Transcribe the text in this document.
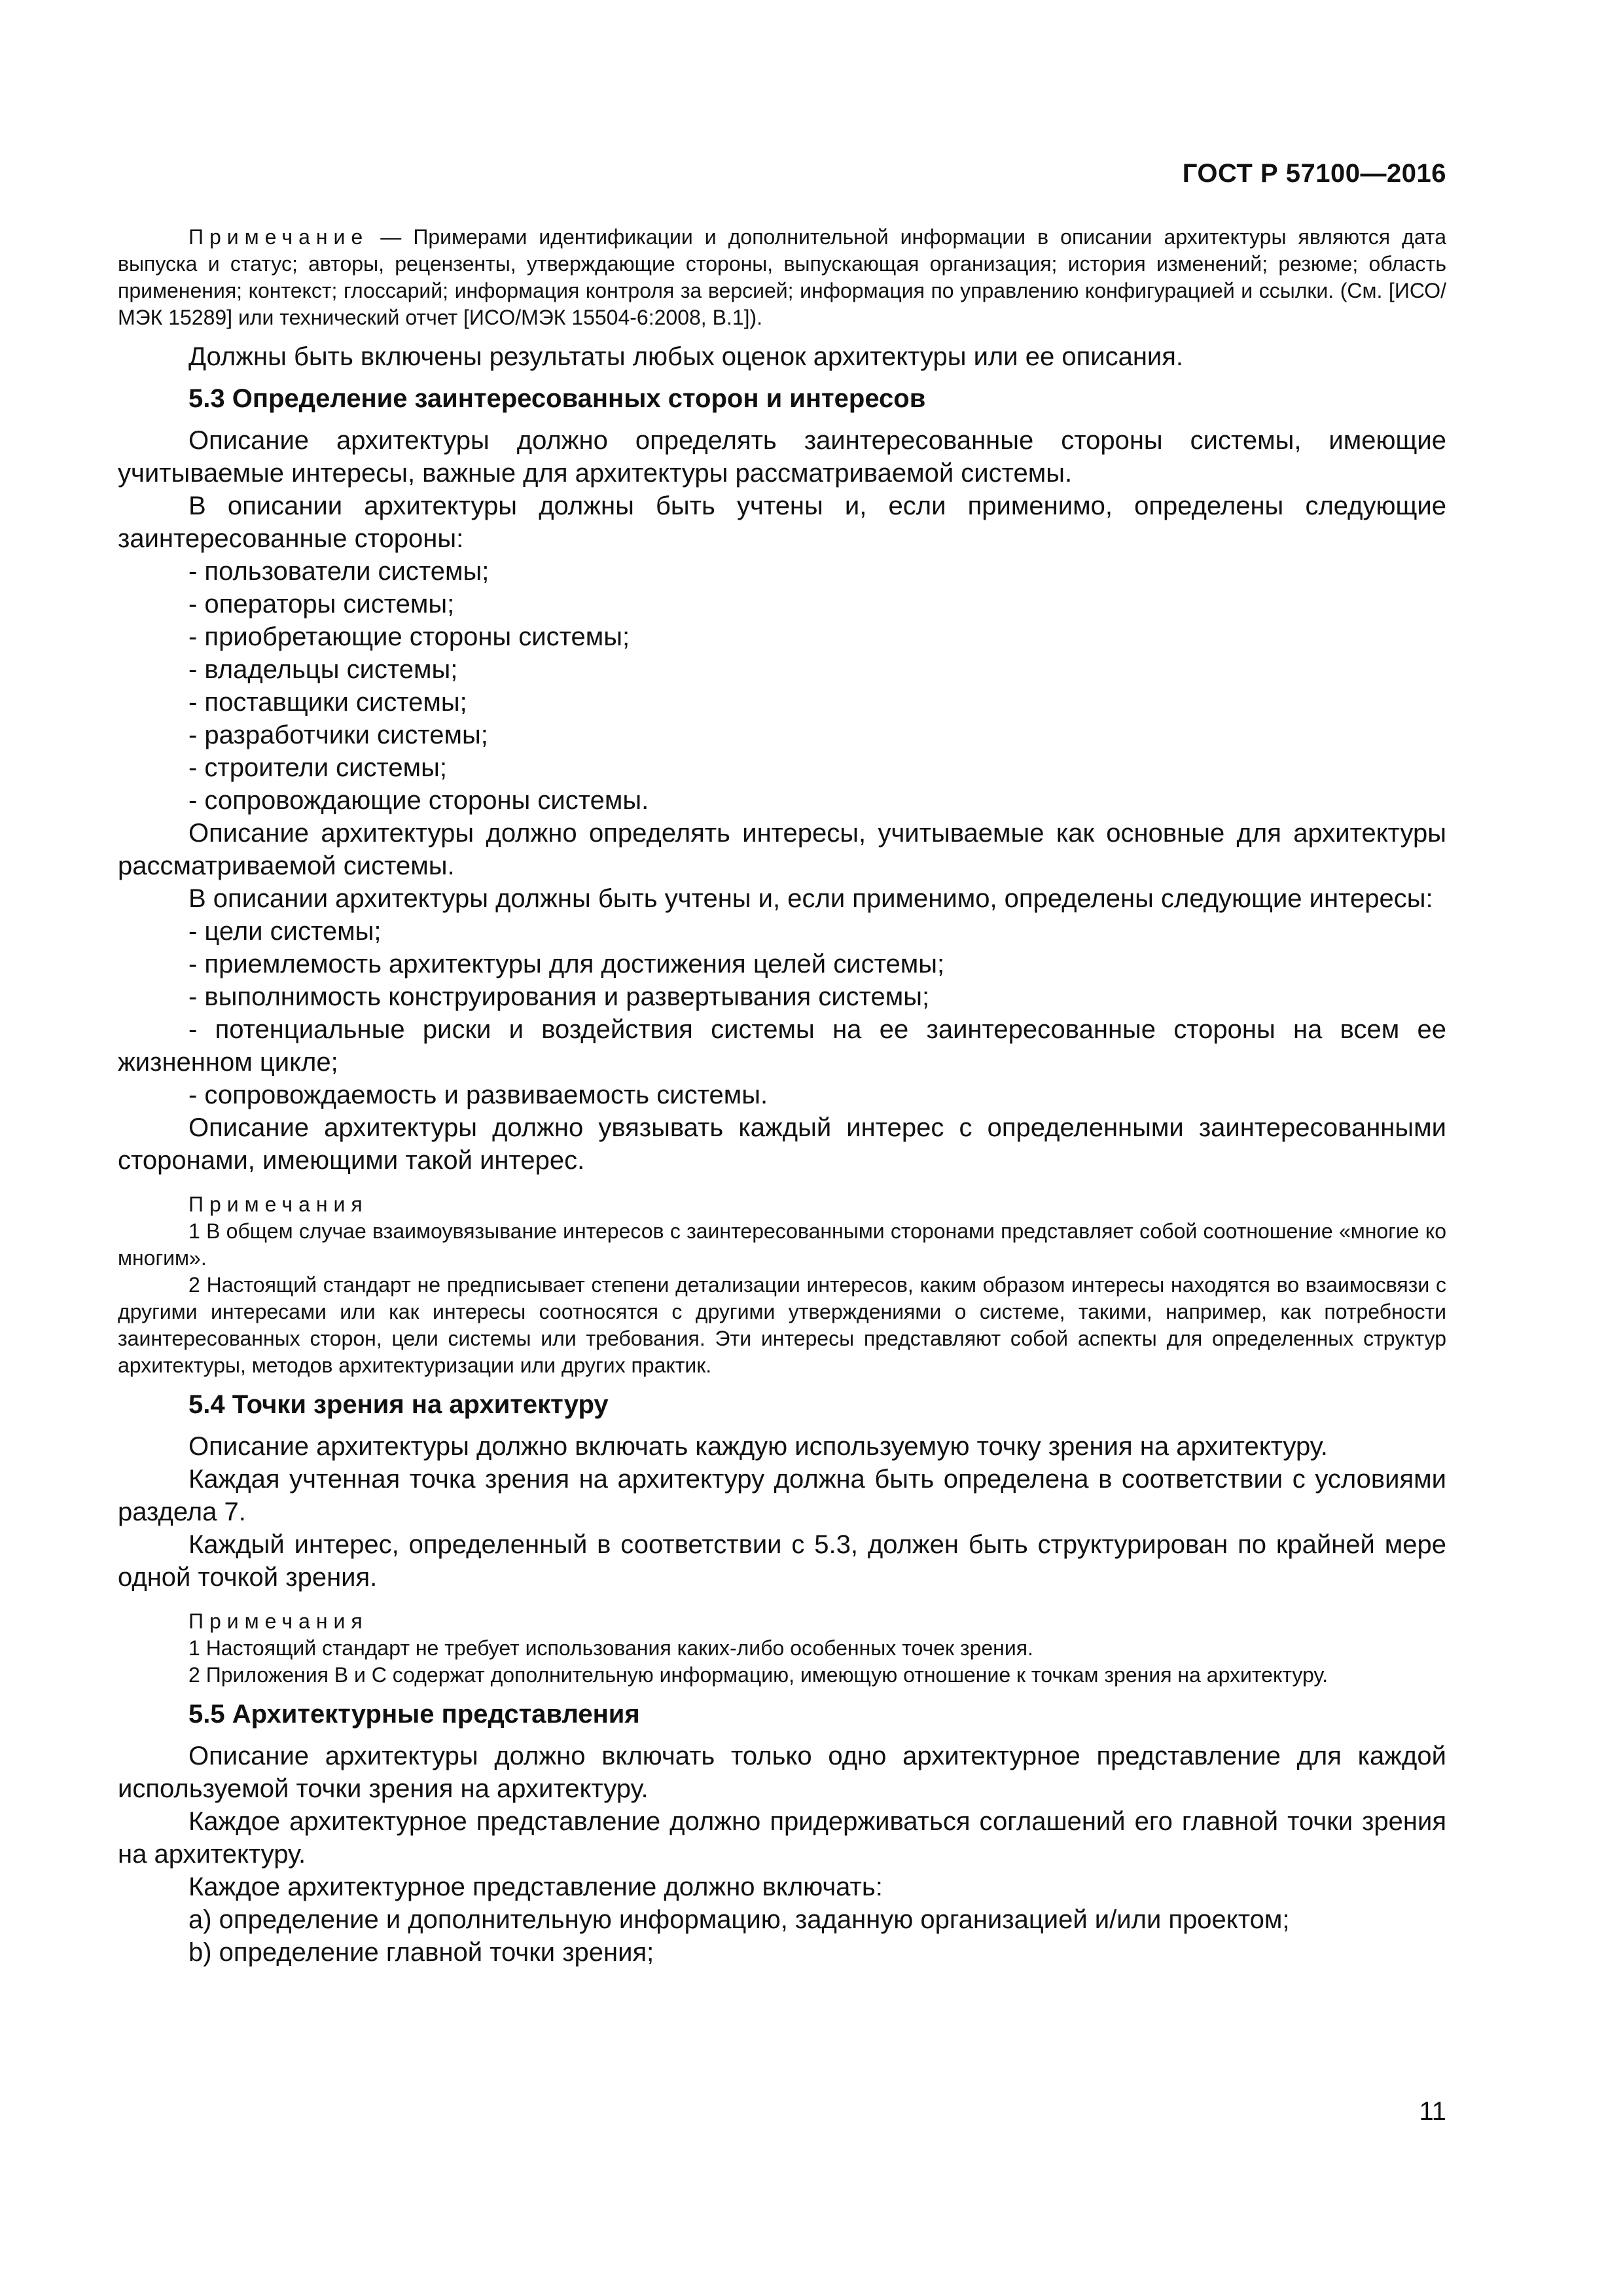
ГОСТ Р 57100—2016

Примечание — Примерами идентификации и дополнительной информации в описании архитектуры являются дата выпуска и статус; авторы, рецензенты, утверждающие стороны, выпускающая организация; история изменений; резюме; область применения; контекст; глоссарий; информация контроля за версией; информация по управлению конфигурацией и ссылки. (См. [ИСО/МЭК 15289] или технический отчет [ИСО/МЭК 15504-6:2008, В.1]).

Должны быть включены результаты любых оценок архитектуры или ее описания.

5.3 Определение заинтересованных сторон и интересов

Описание архитектуры должно определять заинтересованные стороны системы, имеющие учитываемые интересы, важные для архитектуры рассматриваемой системы.

В описании архитектуры должны быть учтены и, если применимо, определены следующие заинтересованные стороны:

- пользователи системы;

- операторы системы;

- приобретающие стороны системы;

- владельцы системы;

- поставщики системы;

- разработчики системы;

- строители системы;

- сопровождающие стороны системы.

Описание архитектуры должно определять интересы, учитываемые как основные для архитектуры рассматриваемой системы.

В описании архитектуры должны быть учтены и, если применимо, определены следующие интересы:

- цели системы;

- приемлемость архитектуры для достижения целей системы;

- выполнимость конструирования и развертывания системы;

- потенциальные риски и воздействия системы на ее заинтересованные стороны на всем ее жизненном цикле;

- сопровождаемость и развиваемость системы.

Описание архитектуры должно увязывать каждый интерес с определенными заинтересованными сторонами, имеющими такой интерес.

Примечания

1 В общем случае взаимоувязывание интересов с заинтересованными сторонами представляет собой соотношение «многие ко многим».

2 Настоящий стандарт не предписывает степени детализации интересов, каким образом интересы находятся во взаимосвязи с другими интересами или как интересы соотносятся с другими утверждениями о системе, такими, например, как потребности заинтересованных сторон, цели системы или требования. Эти интересы представляют собой аспекты для определенных структур архитектуры, методов архитектуризации или других практик.

5.4 Точки зрения на архитектуру

Описание архитектуры должно включать каждую используемую точку зрения на архитектуру.

Каждая учтенная точка зрения на архитектуру должна быть определена в соответствии с условиями раздела 7.

Каждый интерес, определенный в соответствии с 5.3, должен быть структурирован по крайней мере одной точкой зрения.

Примечания

1 Настоящий стандарт не требует использования каких-либо особенных точек зрения.

2 Приложения В и С содержат дополнительную информацию, имеющую отношение к точкам зрения на архитектуру.

5.5 Архитектурные представления

Описание архитектуры должно включать только одно архитектурное представление для каждой используемой точки зрения на архитектуру.

Каждое архитектурное представление должно придерживаться соглашений его главной точки зрения на архитектуру.

Каждое архитектурное представление должно включать:

a) определение и дополнительную информацию, заданную организацией и/или проектом;

b) определение главной точки зрения;

11
